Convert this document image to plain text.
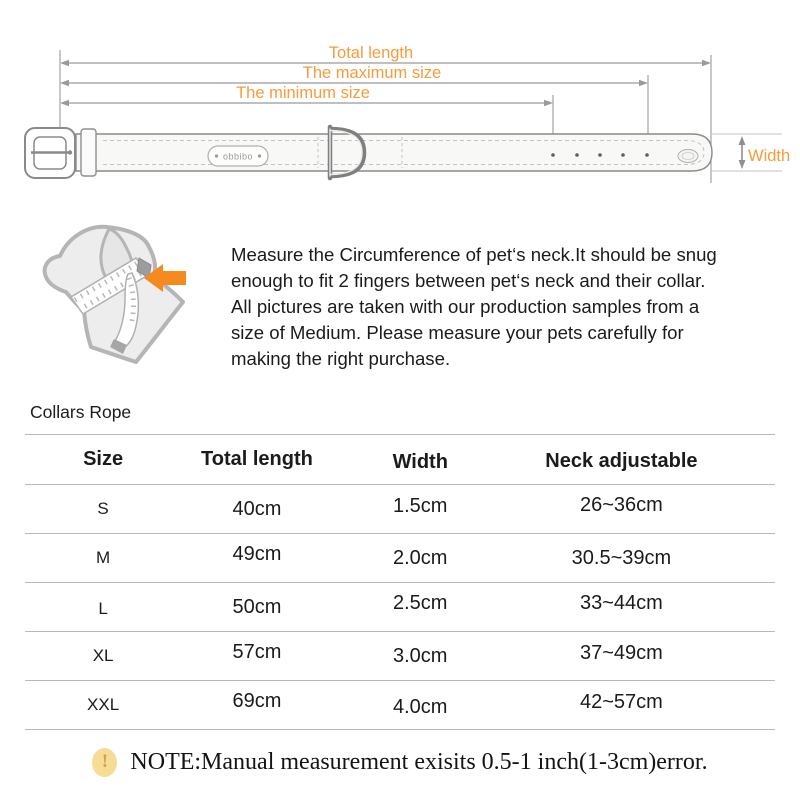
Total length
The maximum size
The minimum size
Width
obbibo
Measure the Circumference of pet‘s neck.It should be snug
enough to fit 2 fingers between pet‘s neck and their collar.
All pictures are taken with our production samples from a
size of Medium. Please measure your pets carefully for
making the right purchase.
Collars Rope
Size	Total length	Width	Neck adjustable
S	40cm	1.5cm	26~36cm
M	49cm	2.0cm	30.5~39cm
L	50cm	2.5cm	33~44cm
XL	57cm	3.0cm	37~49cm
XXL	69cm	4.0cm	42~57cm
! NOTE:Manual measurement exisits 0.5-1 inch(1-3cm)error.
